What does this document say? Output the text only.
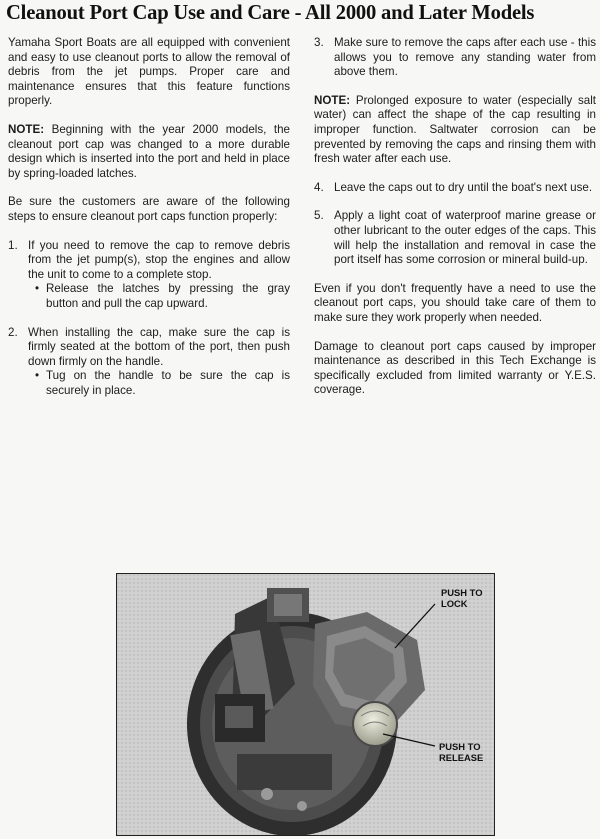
Cleanout Port Cap Use and Care - All 2000 and Later Models

Yamaha Sport Boats are all equipped with convenient and easy to use cleanout ports to allow the removal of debris from the jet pumps. Proper care and maintenance ensures that this feature functions properly.

NOTE: Beginning with the year 2000 models, the cleanout port cap was changed to a more durable design which is inserted into the port and held in place by spring-loaded latches.

Be sure the customers are aware of the following steps to ensure cleanout port caps function properly:

1. If you need to remove the cap to remove debris from the jet pump(s), stop the engines and allow the unit to come to a complete stop.
• Release the latches by pressing the gray button and pull the cap upward.
2. When installing the cap, make sure the cap is firmly seated at the bottom of the port, then push down firmly on the handle.
• Tug on the handle to be sure the cap is securely in place.
3. Make sure to remove the caps after each use - this allows you to remove any standing water from above them.

NOTE: Prolonged exposure to water (especially salt water) can affect the shape of the cap resulting in improper function. Saltwater corrosion can be prevented by removing the caps and rinsing them with fresh water after each use.

4. Leave the caps out to dry until the boat's next use.
5. Apply a light coat of waterproof marine grease or other lubricant to the outer edges of the caps. This will help the installation and removal in case the port itself has some corrosion or mineral build-up.

Even if you don't frequently have a need to use the cleanout port caps, you should take care of them to make sure they work properly when needed.

Damage to cleanout port caps caused by improper maintenance as described in this Tech Exchange is specifically excluded from limited warranty or Y.E.S. coverage.

PUSH TO LOCK
PUSH TO RELEASE
